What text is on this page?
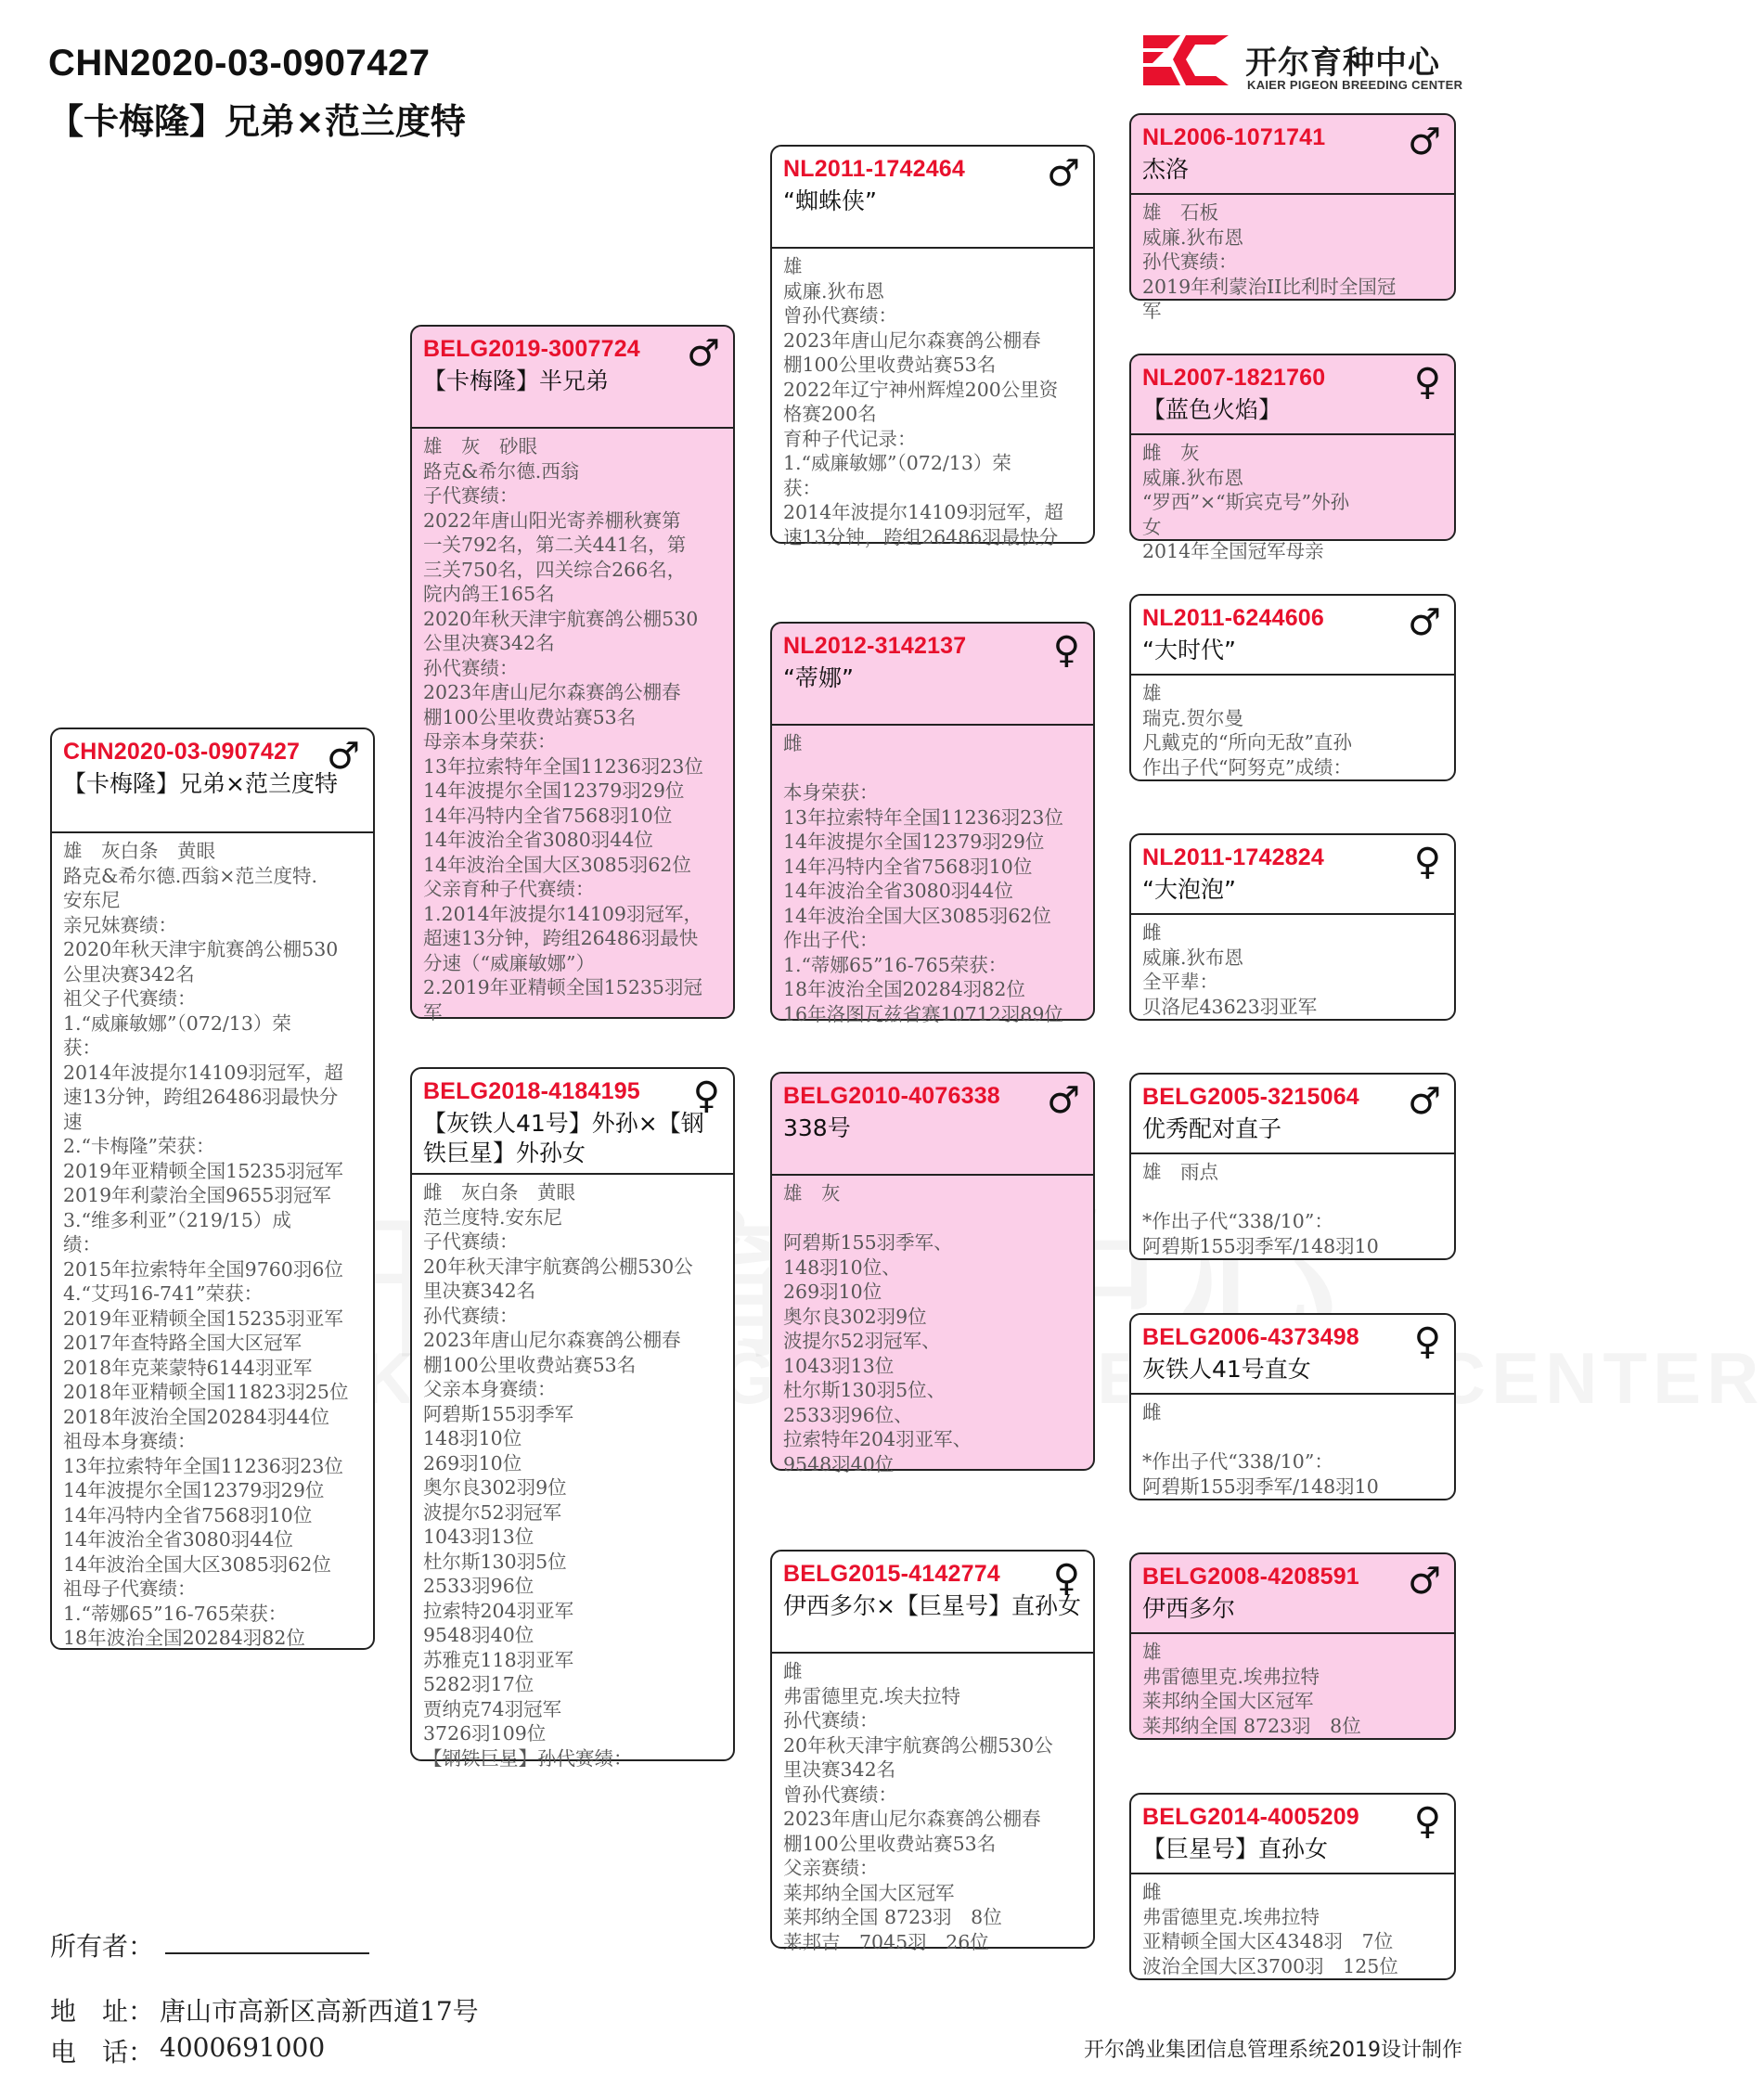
CHN2020-03-0907427
【卡梅隆】兄弟×范兰度特
开尔育种中心
KAIER PIGEON BREEDING CENTER
CHN2020-03-0907427 ♂
【卡梅隆】兄弟×范兰度特
雄　灰白条　黄眼
路克&希尔德.西翁×范兰度特.
安东尼
亲兄妹赛绩：
2020年秋天津宇航赛鸽公棚530
公里决赛342名
祖父子代赛绩：
1.“威廉敏娜”（072/13）荣
获：
2014年波提尔14109羽冠军，超
速13分钟，跨组26486羽最快分
速
2.“卡梅隆”荣获：
2019年亚精顿全国15235羽冠军
2019年利蒙治全国9655羽冠军
3.“维多利亚”（219/15）成
绩：
2015年拉索特年全国9760羽6位
4.“艾玛16-741”荣获：
2019年亚精顿全国15235羽亚军
2017年查特路全国大区冠军
2018年克莱蒙特6144羽亚军
2018年亚精顿全国11823羽25位
2018年波治全国20284羽44位
祖母本身赛绩：
13年拉索特年全国11236羽23位
14年波提尔全国12379羽29位
14年冯特内全省7568羽10位
14年波治全省3080羽44位
14年波治全国大区3085羽62位
祖母子代赛绩：
1.“蒂娜65”16-765荣获：
18年波治全国20284羽82位
BELG2019-3007724	♂
【卡梅隆】半兄弟
雄　灰　砂眼
路克&希尔德.西翁
子代赛绩：
2022年唐山阳光寄养棚秋赛第
一关792名，第二关441名，第
三关750名，四关综合266名，
院内鸽王165名
2020年秋天津宇航赛鸽公棚530
公里决赛342名
孙代赛绩：
2023年唐山尼尔森赛鸽公棚春
棚100公里收费站赛53名
母亲本身荣获：
13年拉索特年全国11236羽23位
14年波提尔全国12379羽29位
14年冯特内全省7568羽10位
14年波治全省3080羽44位
14年波治全国大区3085羽62位
父亲育种子代赛绩：
1.2014年波提尔14109羽冠军，
超速13分钟，跨组26486羽最快
分速（“威廉敏娜”）
2.2019年亚精顿全国15235羽冠
军
BELG2018-4184195	♀
【灰铁人41号】外孙×【钢铁巨星】外孙女
雌　灰白条　黄眼
范兰度特.安东尼
子代赛绩：
20年秋天津宇航赛鸽公棚530公
里决赛342名
孙代赛绩：
2023年唐山尼尔森赛鸽公棚春
棚100公里收费站赛53名
父亲本身赛绩：
阿碧斯155羽季军
148羽10位
269羽10位
奥尔良302羽9位
波提尔52羽冠军
1043羽13位
杜尔斯130羽5位
2533羽96位
拉索特204羽亚军
9548羽40位
苏雅克118羽亚军
5282羽17位
贾纳克74羽冠军
3726羽109位
【钢铁巨星】孙代赛绩：
NL2011-1742464	♂
“蜘蛛侠”
雄
威廉.狄布恩
曾孙代赛绩：
2023年唐山尼尔森赛鸽公棚春
棚100公里收费站赛53名
2022年辽宁神州辉煌200公里资
格赛200名
育种子代记录：
1.“威廉敏娜”（072/13）荣
获：
2014年波提尔14109羽冠军，超
速13分钟，跨组26486羽最快分
NL2012-3142137	♀
“蒂娜”
雌

本身荣获：
13年拉索特年全国11236羽23位
14年波提尔全国12379羽29位
14年冯特内全省7568羽10位
14年波治全省3080羽44位
14年波治全国大区3085羽62位
作出子代：
1.“蒂娜65”16-765荣获：
18年波治全国20284羽82位
16年洛图瓦兹省赛10712羽89位
BELG2010-4076338	♂
338号
雄　灰

阿碧斯155羽季军、
148羽10位、
269羽10位
奥尔良302羽9位
波提尔52羽冠军、
1043羽13位
杜尔斯130羽5位、
2533羽96位、
拉索特年204羽亚军、
9548羽40位
BELG2015-4142774	♀
伊西多尔×【巨星号】直孙女
雌
弗雷德里克.埃夫拉特
孙代赛绩：
20年秋天津宇航赛鸽公棚530公
里决赛342名
曾孙代赛绩：
2023年唐山尼尔森赛鸽公棚春
棚100公里收费站赛53名
父亲赛绩：
莱邦纳全国大区冠军
莱邦纳全国 8723羽　8位
莱邦吉　7045羽　26位
NL2006-1071741	♂
杰洛
雄　石板
威廉.狄布恩
孙代赛绩：
2019年利蒙治II比利时全国冠
军
NL2007-1821760	♀
【蓝色火焰】
雌　灰
威廉.狄布恩
“罗西”×“斯宾克号”外孙
女
2014年全国冠军母亲
NL2011-6244606	♂
“大时代”
雄
瑞克.贺尔曼
凡戴克的“所向无敌”直孙
作出子代“阿努克”成绩：
NL2011-1742824	♀
“大泡泡”
雌
威廉.狄布恩
全平辈：
贝洛尼43623羽亚军
BELG2005-3215064	♂
优秀配对直子
雄　雨点

*作出子代“338/10”：
阿碧斯155羽季军/148羽10
BELG2006-4373498	♀
灰铁人41号直女
雌

*作出子代“338/10”：
阿碧斯155羽季军/148羽10
BELG2008-4208591	♂
伊西多尔
雄
弗雷德里克.埃弗拉特
莱邦纳全国大区冠军
莱邦纳全国 8723羽　8位
BELG2014-4005209	♀
【巨星号】直孙女
雌
弗雷德里克.埃弗拉特
亚精顿全国大区4348羽　7位
波治全国大区3700羽　125位
所有者：
地　址： 唐山市高新区高新西道17号
电　话： 4000691000	开尔鸽业集团信息管理系统2019设计制作
